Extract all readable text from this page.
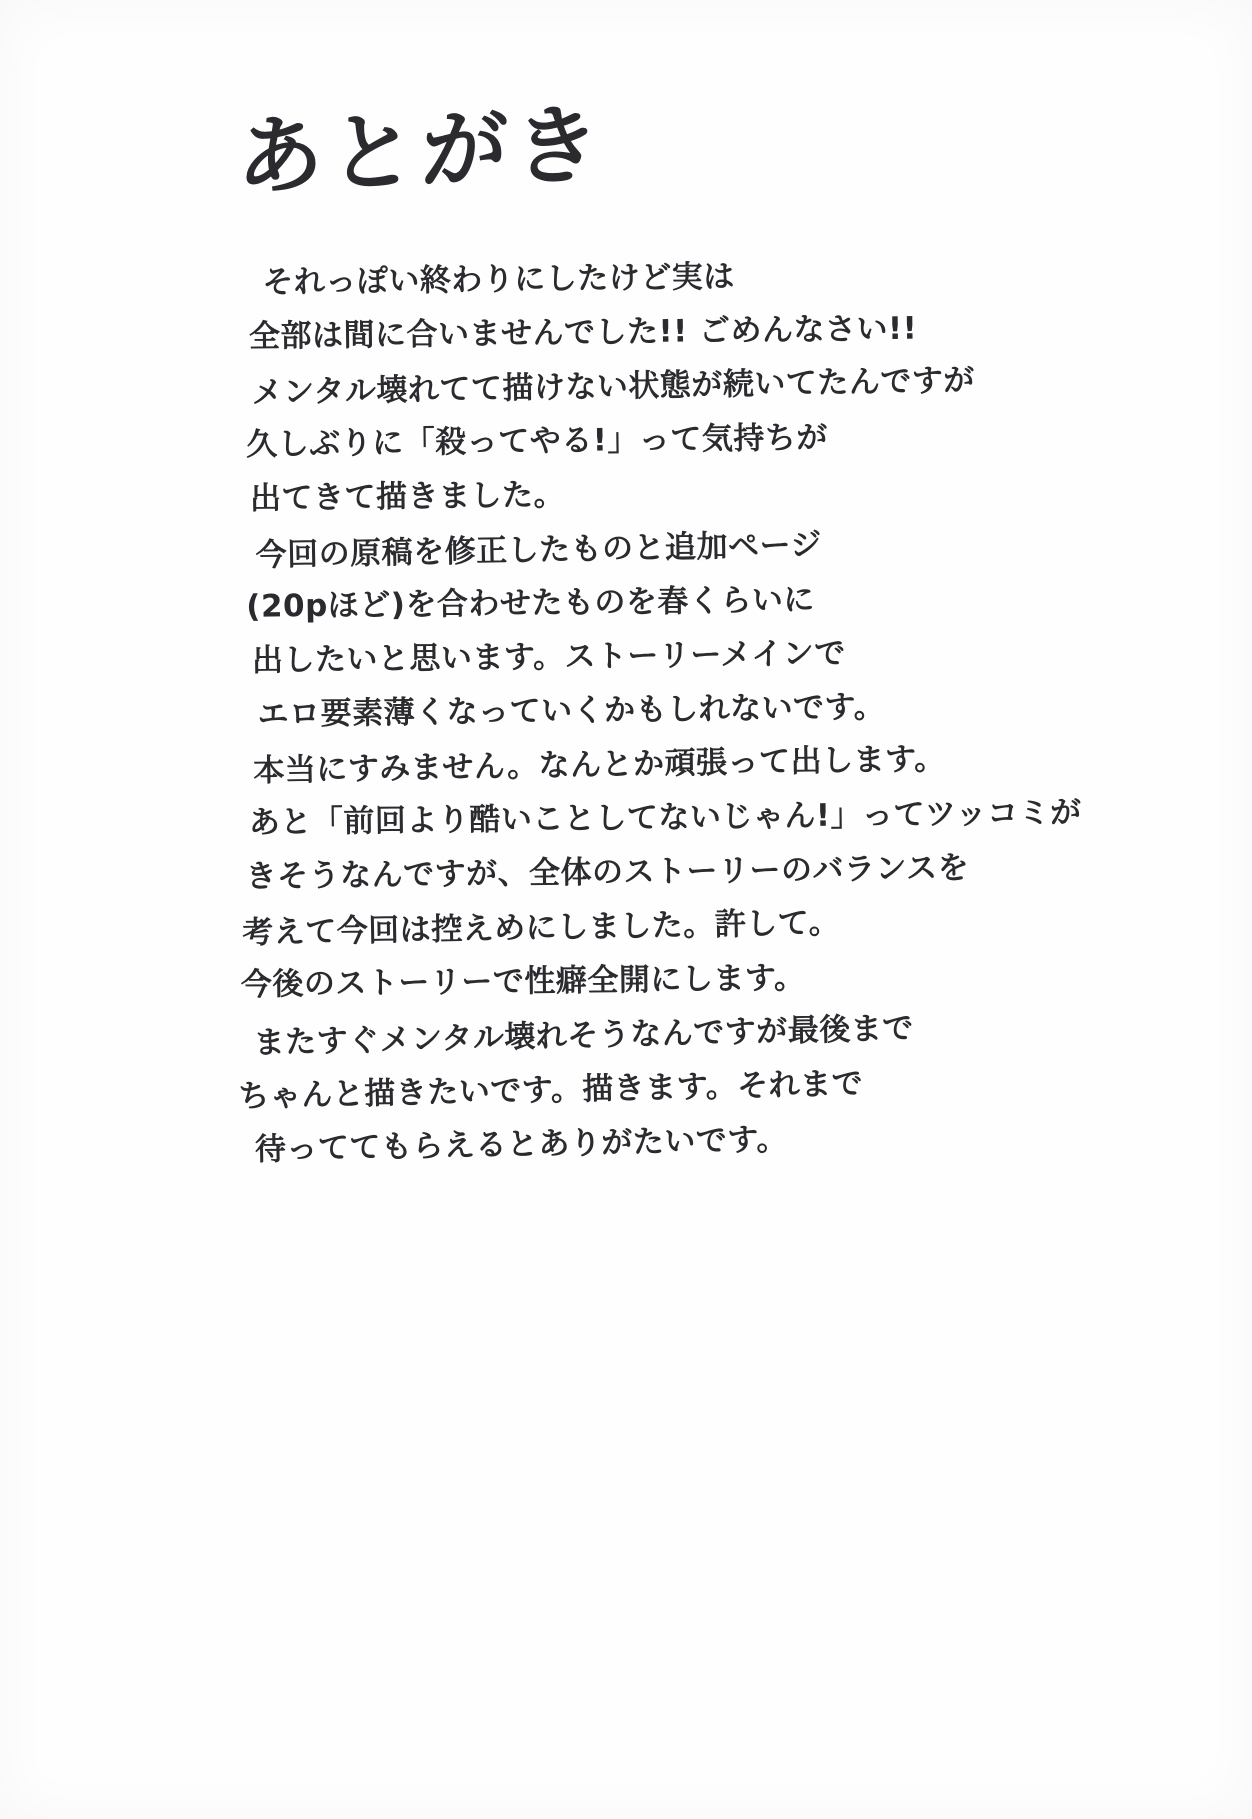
あとがき
それっぽい終わりにしたけど実は
全部は間に合いませんでした!! ごめんなさい!!
メンタル壊れてて描けない状態が続いてたんですが
久しぶりに「殺ってやる!」って気持ちが
出てきて描きました。
今回の原稿を修正したものと追加ページ
(20pほど)を合わせたものを春くらいに
出したいと思います。ストーリーメインで
エロ要素薄くなっていくかもしれないです。
本当にすみません。なんとか頑張って出します。
あと「前回より酷いことしてないじゃん!」ってツッコミが
きそうなんですが、全体のストーリーのバランスを
考えて今回は控えめにしました。許して。
今後のストーリーで性癖全開にします。
またすぐメンタル壊れそうなんですが最後まで
ちゃんと描きたいです。描きます。それまで
待っててもらえるとありがたいです。
